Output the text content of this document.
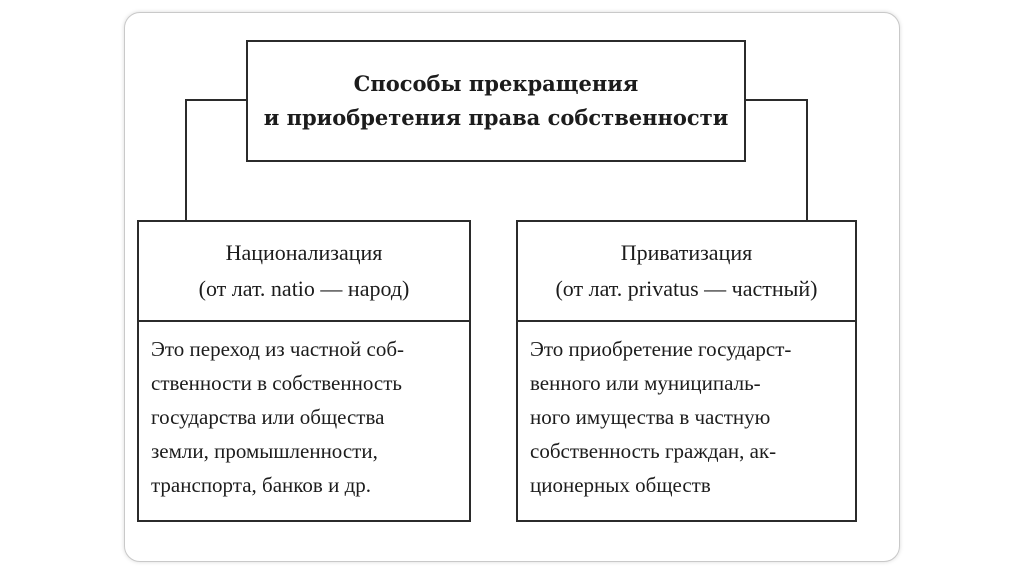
Способы прекращения
и приобретения права собственности
Национализация
(от лат. natio — народ)
Это переход из частной соб-
ственности в собственность
государства или общества
земли, промышленности,
транспорта, банков и др.
Приватизация
(от лат. privatus — частный)
Это приобретение государст-
венного или муниципаль-
ного имущества в частную
собственность граждан, ак-
ционерных обществ
